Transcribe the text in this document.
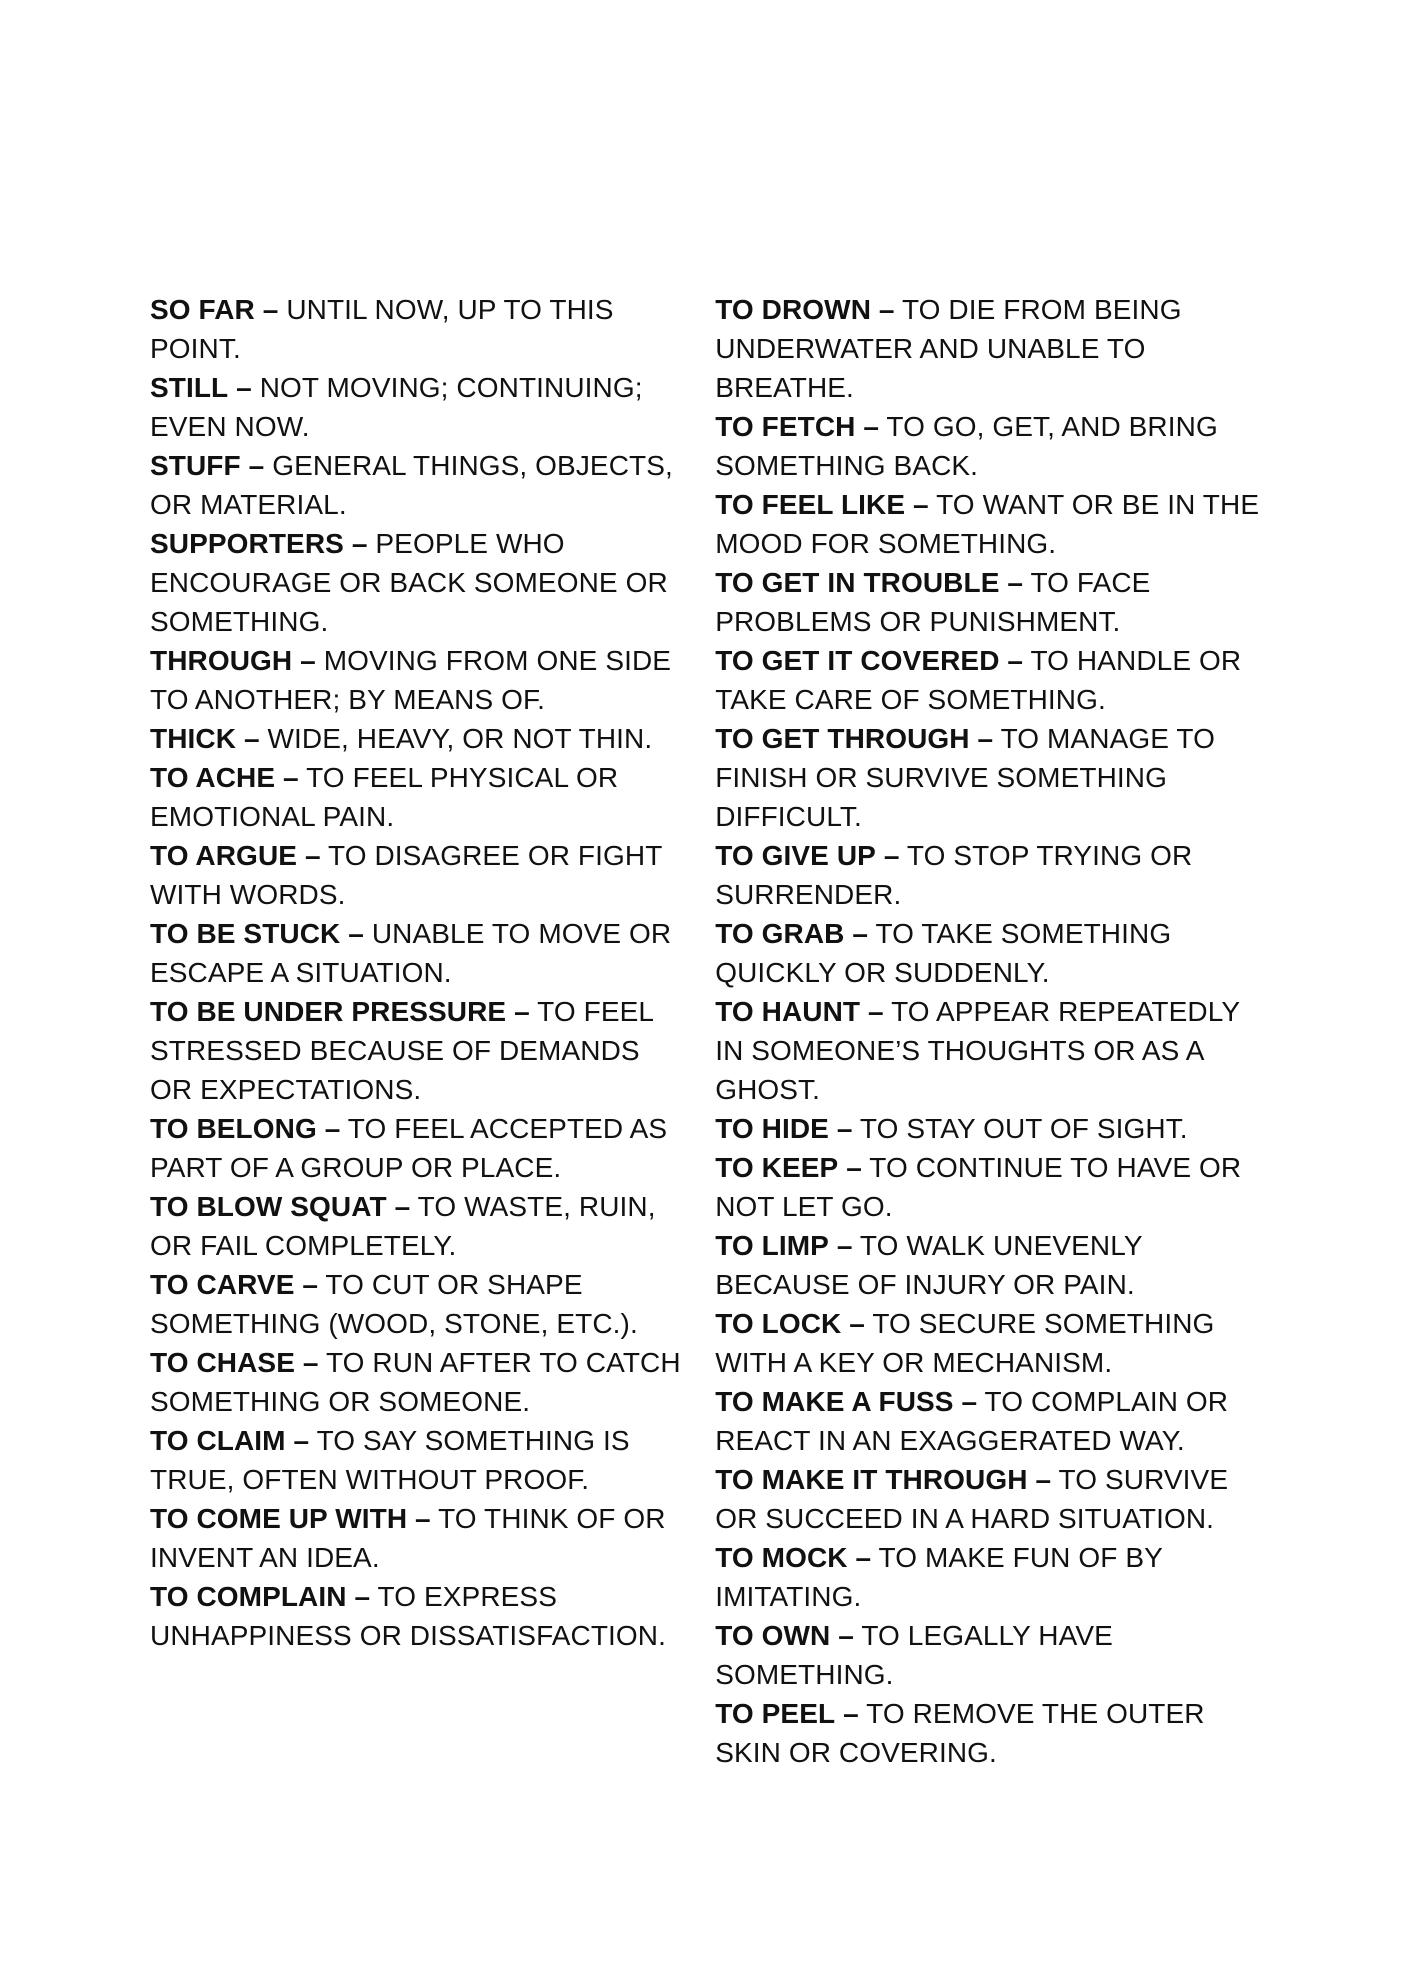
SO FAR – UNTIL NOW, UP TO THIS POINT.
STILL – NOT MOVING; CONTINUING; EVEN NOW.
STUFF – GENERAL THINGS, OBJECTS, OR MATERIAL.
SUPPORTERS – PEOPLE WHO ENCOURAGE OR BACK SOMEONE OR SOMETHING.
THROUGH – MOVING FROM ONE SIDE TO ANOTHER; BY MEANS OF.
THICK – WIDE, HEAVY, OR NOT THIN.
TO ACHE – TO FEEL PHYSICAL OR EMOTIONAL PAIN.
TO ARGUE – TO DISAGREE OR FIGHT WITH WORDS.
TO BE STUCK – UNABLE TO MOVE OR ESCAPE A SITUATION.
TO BE UNDER PRESSURE – TO FEEL STRESSED BECAUSE OF DEMANDS OR EXPECTATIONS.
TO BELONG – TO FEEL ACCEPTED AS PART OF A GROUP OR PLACE.
TO BLOW SQUAT – TO WASTE, RUIN, OR FAIL COMPLETELY.
TO CARVE – TO CUT OR SHAPE SOMETHING (WOOD, STONE, ETC.).
TO CHASE – TO RUN AFTER TO CATCH SOMETHING OR SOMEONE.
TO CLAIM – TO SAY SOMETHING IS TRUE, OFTEN WITHOUT PROOF.
TO COME UP WITH – TO THINK OF OR INVENT AN IDEA.
TO COMPLAIN – TO EXPRESS UNHAPPINESS OR DISSATISFACTION.
TO DROWN – TO DIE FROM BEING UNDERWATER AND UNABLE TO BREATHE.
TO FETCH – TO GO, GET, AND BRING SOMETHING BACK.
TO FEEL LIKE – TO WANT OR BE IN THE MOOD FOR SOMETHING.
TO GET IN TROUBLE – TO FACE PROBLEMS OR PUNISHMENT.
TO GET IT COVERED – TO HANDLE OR TAKE CARE OF SOMETHING.
TO GET THROUGH – TO MANAGE TO FINISH OR SURVIVE SOMETHING DIFFICULT.
TO GIVE UP – TO STOP TRYING OR SURRENDER.
TO GRAB – TO TAKE SOMETHING QUICKLY OR SUDDENLY.
TO HAUNT – TO APPEAR REPEATEDLY IN SOMEONE’S THOUGHTS OR AS A GHOST.
TO HIDE – TO STAY OUT OF SIGHT.
TO KEEP – TO CONTINUE TO HAVE OR NOT LET GO.
TO LIMP – TO WALK UNEVENLY BECAUSE OF INJURY OR PAIN.
TO LOCK – TO SECURE SOMETHING WITH A KEY OR MECHANISM.
TO MAKE A FUSS – TO COMPLAIN OR REACT IN AN EXAGGERATED WAY.
TO MAKE IT THROUGH – TO SURVIVE OR SUCCEED IN A HARD SITUATION.
TO MOCK – TO MAKE FUN OF BY IMITATING.
TO OWN – TO LEGALLY HAVE SOMETHING.
TO PEEL – TO REMOVE THE OUTER SKIN OR COVERING.
